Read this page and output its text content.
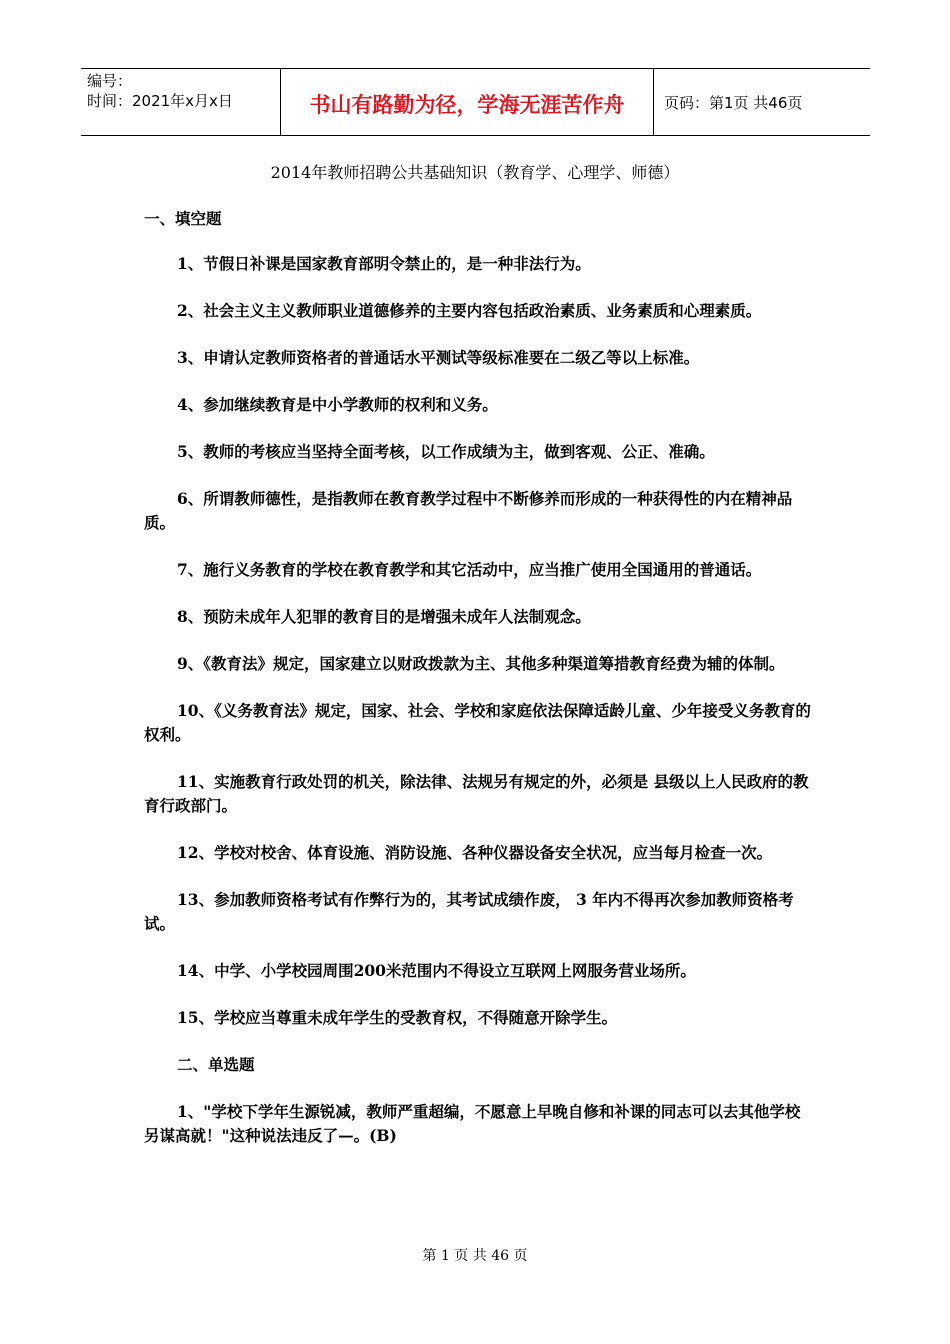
编号：
时间：2021年x月x日	书山有路勤为径，学海无涯苦作舟	页码：第1页 共46页
2014年教师招聘公共基础知识（教育学、心理学、师德）

一、填空题

1、节假日补课是国家教育部明令禁止的，是一种非法行为。

2、社会主义主义教师职业道德修养的主要内容包括政治素质、业务素质和心理素质。

3、申请认定教师资格者的普通话水平测试等级标准要在二级乙等以上标准。

4、参加继续教育是中小学教师的权利和义务。

5、教师的考核应当坚持全面考核，以工作成绩为主，做到客观、公正、准确。

6、所谓教师德性，是指教师在教育教学过程中不断修养而形成的一种获得性的内在精神品质。

7、施行义务教育的学校在教育教学和其它活动中，应当推广使用全国通用的普通话。

8、预防未成年人犯罪的教育目的是增强未成年人法制观念。

9、《教育法》规定，国家建立以财政拨款为主、其他多种渠道筹措教育经费为辅的体制。

10、《义务教育法》规定，国家、社会、学校和家庭依法保障适龄儿童、少年接受义务教育的权利。

11、实施教育行政处罚的机关，除法律、法规另有规定的外，必须是 县级以上人民政府的教育行政部门。

12、学校对校舍、体育设施、消防设施、各种仪器设备安全状况，应当每月检查一次。

13、参加教师资格考试有作弊行为的，其考试成绩作废， 3 年内不得再次参加教师资格考试。

14、中学、小学校园周围200米范围内不得设立互联网上网服务营业场所。

15、学校应当尊重未成年学生的受教育权，不得随意开除学生。

二、单选题

1、"学校下学年生源锐减，教师严重超编，不愿意上早晚自修和补课的同志可以去其他学校另谋高就！"这种说法违反了—。(B)

第 1 页 共 46 页
